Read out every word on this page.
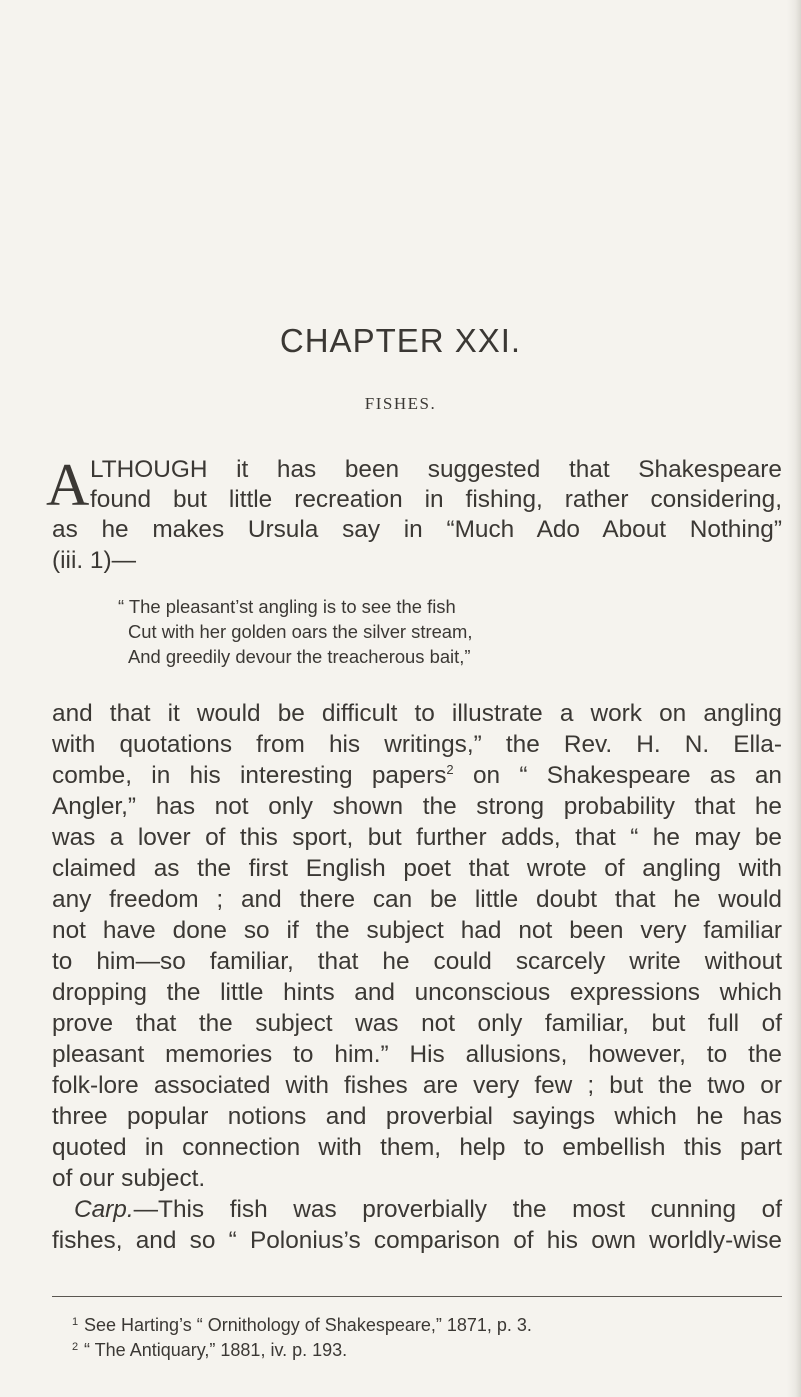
CHAPTER XXI.
FISHES.
A LTHOUGH it has been suggested that Shakespeare
found but little recreation in fishing, rather considering,
as he makes Ursula say in “Much Ado About Nothing”
(iii. 1)—
“ The pleasant’st angling is to see the fish
Cut with her golden oars the silver stream,
And greedily devour the treacherous bait,”
and that it would be difficult to illustrate a work on angling
with quotations from his writings,” the Rev. H. N. Ella-
combe, in his interesting papers$^2$ on “ Shakespeare as an
Angler,” has not only shown the strong probability that he
was a lover of this sport, but further adds, that “ he may be
claimed as the first English poet that wrote of angling with
any freedom ; and there can be little doubt that he would
not have done so if the subject had not been very familiar
to him—so familiar, that he could scarcely write without
dropping the little hints and unconscious expressions which
prove that the subject was not only familiar, but full of
pleasant memories to him.” His allusions, however, to the
folk-lore associated with fishes are very few ; but the two or
three popular notions and proverbial sayings which he has
quoted in connection with them, help to embellish this part
of our subject.
Carp.—This fish was proverbially the most cunning of
fishes, and so “ Polonius’s comparison of his own worldly-wise
1 See Harting’s “ Ornithology of Shakespeare,” 1871, p. 3.
2 “ The Antiquary,” 1881, iv. p. 193.
